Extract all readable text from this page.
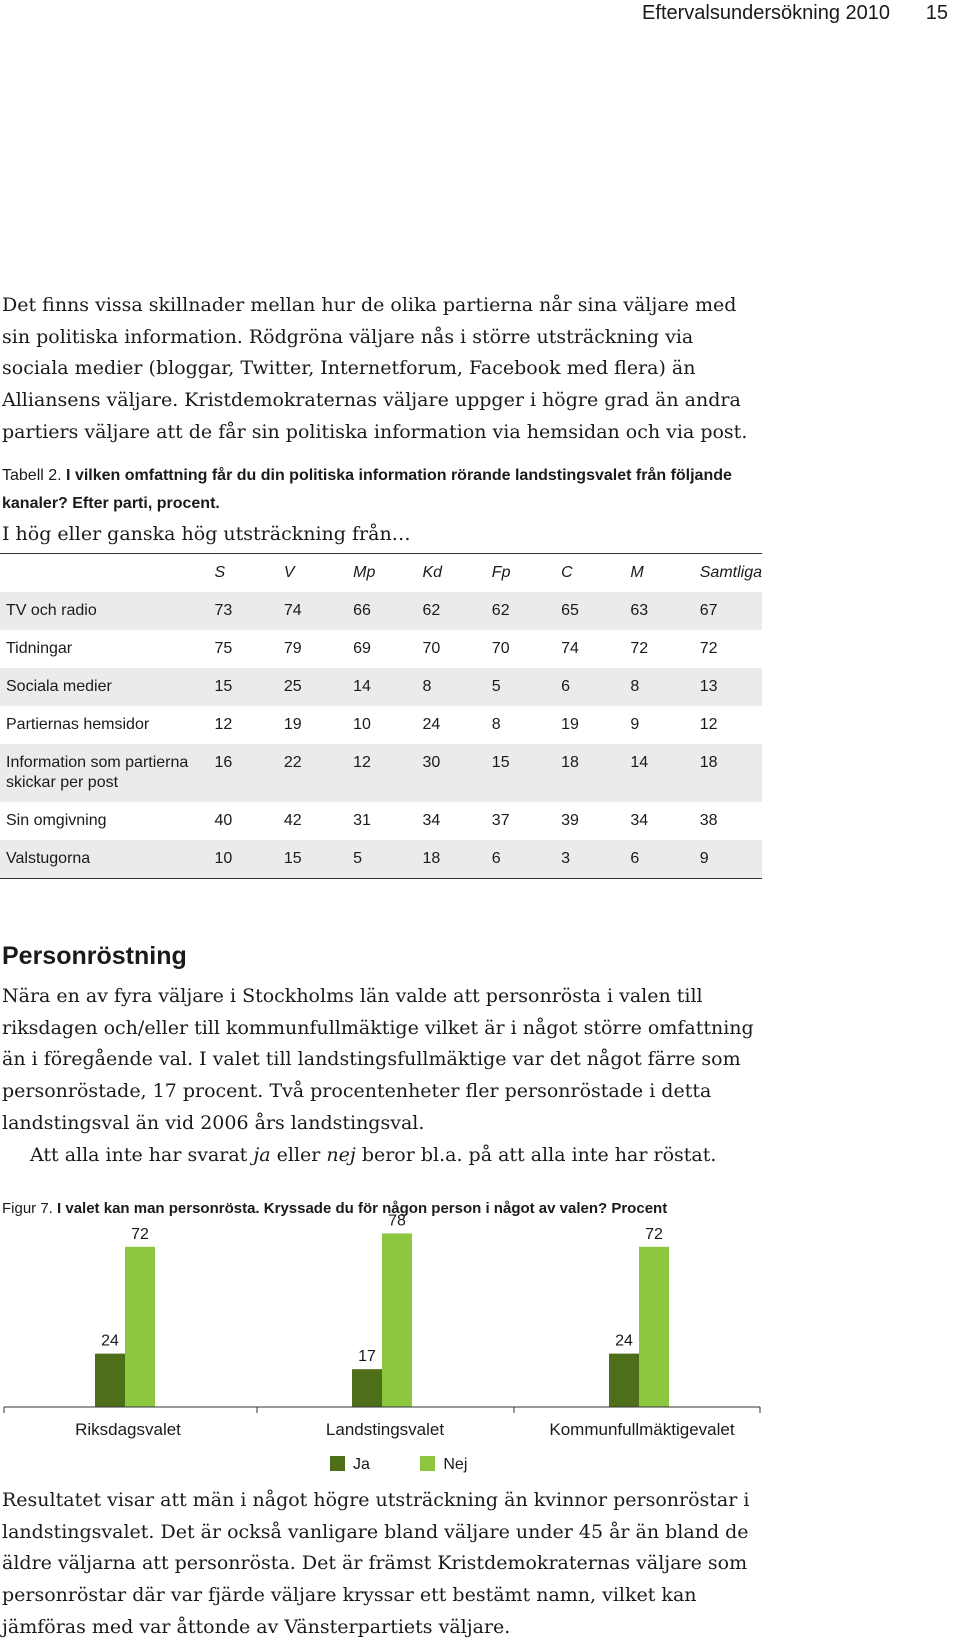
Eftervalsundersökning 2010 15

Det finns vissa skillnader mellan hur de olika partierna når sina väljare med sin politiska information. Rödgröna väljare nås i större utsträckning via sociala medier (bloggar, Twitter, Internetforum, Facebook med flera) än Alliansens väljare. Kristdemokraternas väljare uppger i högre grad än andra partiers väljare att de får sin politiska information via hemsidan och via post.

Tabell 2. I vilken omfattning får du din politiska information rörande landstingsvalet från följande kanaler? Efter parti, procent.
I hög eller ganska hög utsträckning från…
	S	V	Mp	Kd	Fp	C	M	Samtliga
TV och radio	73	74	66	62	62	65	63	67
Tidningar	75	79	69	70	70	74	72	72
Sociala medier	15	25	14	8	5	6	8	13
Partiernas hemsidor	12	19	10	24	8	19	9	12
Information som partierna skickar per post	16	22	12	30	15	18	14	18
Sin omgivning	40	42	31	34	37	39	34	38
Valstugorna	10	15	5	18	6	3	6	9
Personröstning

Nära en av fyra väljare i Stockholms län valde att personrösta i valen till riksdagen och/eller till kommunfullmäktige vilket är i något större omfattning än i föregående val. I valet till landstingsfullmäktige var det något färre som personröstade, 17 procent. Två procentenheter fler personröstade i detta landstingsval än vid 2006 års landstingsval.

Att alla inte har svarat ja eller nej beror bl.a. på att alla inte har röstat.

Figur 7. I valet kan man personrösta. Kryssade du för någon person i något av valen? Procent
24
72
17
78
24
72
Riksdagsvalet	Landstingsvalet	Kommunfullmäktigevalet
Ja	Nej

Resultatet visar att män i något högre utsträckning än kvinnor personröstar i landstingsvalet. Det är också vanligare bland väljare under 45 år än bland de äldre väljarna att personrösta. Det är främst Kristdemokraternas väljare som personröstar där var fjärde väljare kryssar ett bestämt namn, vilket kan jämföras med var åttonde av Vänsterpartiets väljare.
